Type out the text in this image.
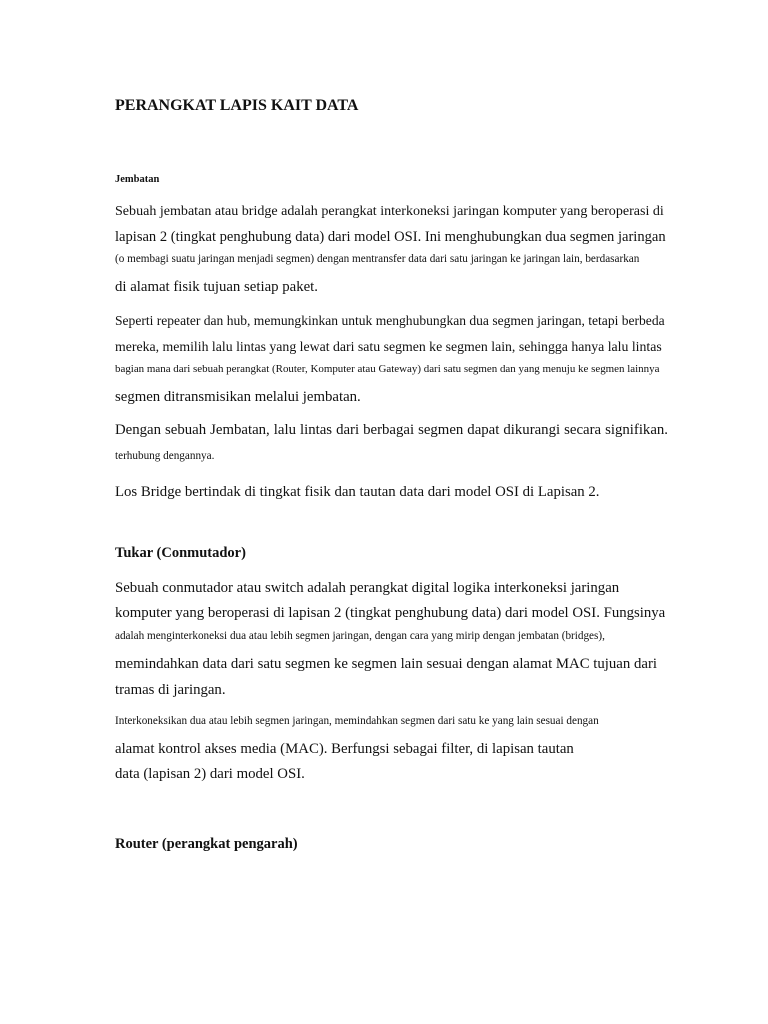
PERANGKAT LAPIS KAIT DATA
Jembatan

Sebuah jembatan atau bridge adalah perangkat interkoneksi jaringan komputer yang beroperasi di

lapisan 2 (tingkat penghubung data) dari model OSI. Ini menghubungkan dua segmen jaringan

(o membagi suatu jaringan menjadi segmen) dengan mentransfer data dari satu jaringan ke jaringan lain, berdasarkan

di alamat fisik tujuan setiap paket.

Seperti repeater dan hub, memungkinkan untuk menghubungkan dua segmen jaringan, tetapi berbeda

mereka, memilih lalu lintas yang lewat dari satu segmen ke segmen lain, sehingga hanya lalu lintas

bagian mana dari sebuah perangkat (Router, Komputer atau Gateway) dari satu segmen dan yang menuju ke segmen lainnya

segmen ditransmisikan melalui jembatan.

Dengan sebuah Jembatan, lalu lintas dari berbagai segmen dapat dikurangi secara signifikan.

terhubung dengannya.

Los Bridge bertindak di tingkat fisik dan tautan data dari model OSI di Lapisan 2.

Tukar (Conmutador)

Sebuah conmutador atau switch adalah perangkat digital logika interkoneksi jaringan

komputer yang beroperasi di lapisan 2 (tingkat penghubung data) dari model OSI. Fungsinya

adalah menginterkoneksi dua atau lebih segmen jaringan, dengan cara yang mirip dengan jembatan (bridges),

memindahkan data dari satu segmen ke segmen lain sesuai dengan alamat MAC tujuan dari

tramas di jaringan.

Interkoneksikan dua atau lebih segmen jaringan, memindahkan segmen dari satu ke yang lain sesuai dengan

alamat kontrol akses media (MAC). Berfungsi sebagai filter, di lapisan tautan

data (lapisan 2) dari model OSI.

Router (perangkat pengarah)
